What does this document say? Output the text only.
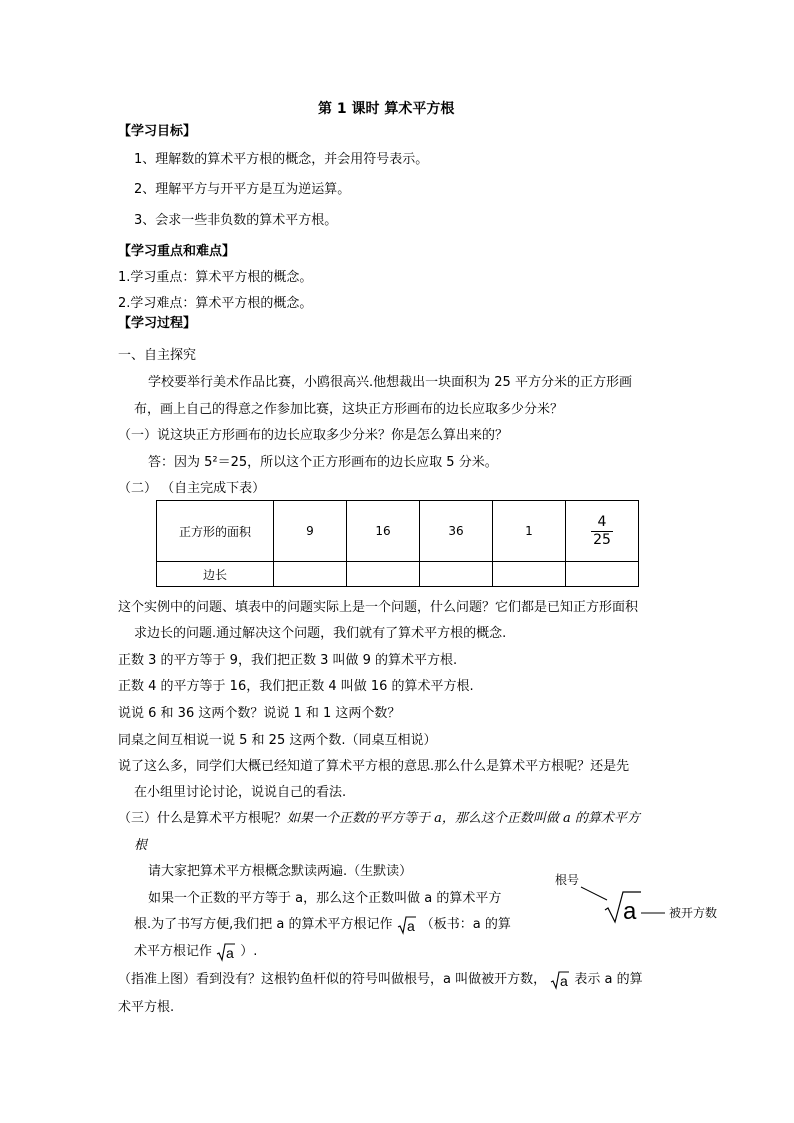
第 1 课时 算术平方根
【学习目标】
1、理解数的算术平方根的概念，并会用符号表示。
2、理解平方与开平方是互为逆运算。
3、会求一些非负数的算术平方根。
【学习重点和难点】
1.学习重点：算术平方根的概念。
2.学习难点：算术平方根的概念。
【学习过程】
一、自主探究
学校要举行美术作品比赛，小鸥很高兴.他想裁出一块面积为 25 平方分米的正方形画
布，画上自己的得意之作参加比赛，这块正方形画布的边长应取多少分米？
（一）说这块正方形画布的边长应取多少分米？你是怎么算出来的？
答：因为 5²＝25，所以这个正方形画布的边长应取 5 分米。
（二） （自主完成下表）
正方形的面积	9	16	36	1	$\frac{4}{25}$

边长					
这个实例中的问题、填表中的问题实际上是一个问题，什么问题？它们都是已知正方形面积
求边长的问题.通过解决这个问题，我们就有了算术平方根的概念.
正数 3 的平方等于 9，我们把正数 3 叫做 9 的算术平方根.
正数 4 的平方等于 16，我们把正数 4 叫做 16 的算术平方根.
说说 6 和 36 这两个数？说说 1 和 1 这两个数？
同桌之间互相说一说 5 和 25 这两个数.（同桌互相说）
说了这么多，同学们大概已经知道了算术平方根的意思.那么什么是算术平方根呢？还是先
在小组里讨论讨论，说说自己的看法.
（三）什么是算术平方根呢？如果一个正数的平方等于 a，那么这个正数叫做 a 的算术平方
根
请大家把算术平方根概念默读两遍.（生默读）
如果一个正数的平方等于 a，那么这个正数叫做 a 的算术平方
根.为了书写方便,我们把 a 的算术平方根记作 a （板书：a 的算
术平方根记作 a ）.
（指准上图）看到没有？这根钓鱼杆似的符号叫做根号，a 叫做被开方数， a 表示 a 的算
术平方根.
根号
a	被开方数
